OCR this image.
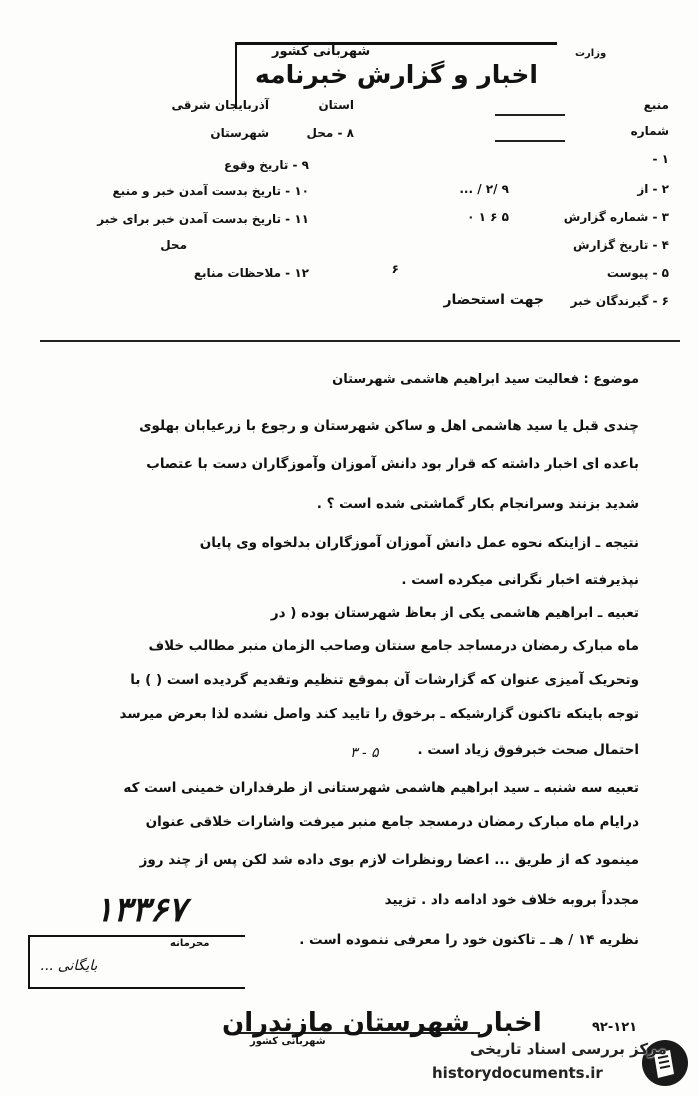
شهربانی کشور
اخبار و گزارش خبرنامه
وزارت
منبع
شماره
۱ -
۲ - از
۹ /۲ / ...
۳ - شماره گزارش
۵ ۶ ۱ ۰
۴ - تاریخ گزارش
۵ - پیوست
۶
۶ - گیرندگان خبر
جهت استحضار
استان
آذربایجان شرقی
۸ - محل
شهرستان
۹ - تاریخ وقوع
۱۰ - تاریخ بدست آمدن خبر و منبع
۱۱ - تاریخ بدست آمدن خبر برای خبر
محل
۱۲ - ملاحظات منابع
موضوع : فعالیت سید ابراهیم هاشمی شهرستان
چندی قبل یا سید هاشمی اهل و ساکن شهرستان و رجوع با زرعیابان بهلوی
باعده ای اخبار داشته که قرار بود دانش آموزان وآموزگاران دست با عتصاب
شدید بزنند وسرانجام بکار گماشتی شده است ؟ .
نتیجه ـ ازاینکه نحوه عمل دانش آموزان آموزگاران بدلخواه وی پایان
نپذیرفته اخبار نگرانی میکرده است .
تعبیه ـ ابراهیم هاشمی یکی از بعاظ شهرستان بوده ( در
ماه مبارک رمضان درمساجد جامع سنتان وصاحب الزمان منبر مطالب خلاف
وتحریک آمیزی عنوان که گزارشات آن بموقع تنظیم وتقدیم گردیده است ( ) با
توجه باینکه تاکنون گزارشیکه ـ برخوق را تایید کند واصل نشده لذا بعرض میرسد
احتمال صحت خبرفوق زیاد است .
تعبیه سه شنبه ـ سید ابراهیم هاشمی شهرستانی از طرفداران خمینی است که
درایام ماه مبارک رمضان درمسجد جامع منبر میرفت واشارات خلاقی عنوان
مینمود که از طریق ... اعضا رونظرات لازم بوی داده شد لکن پس از چند روز
مجدداً بروبه خلاف خود ادامه داد . تزیید
نظریه ۱۴ / هـ ـ تاکنون خود را معرفی ننموده است .
۱۳۳۶۷
محرمانه
بایگانی ...
۵ - ۳
اخبار شهرستان مازندران
شهربانی کشور
۹۲-۱۲۱
مرکز بررسی اسناد تاریخی
historydocuments.ir
